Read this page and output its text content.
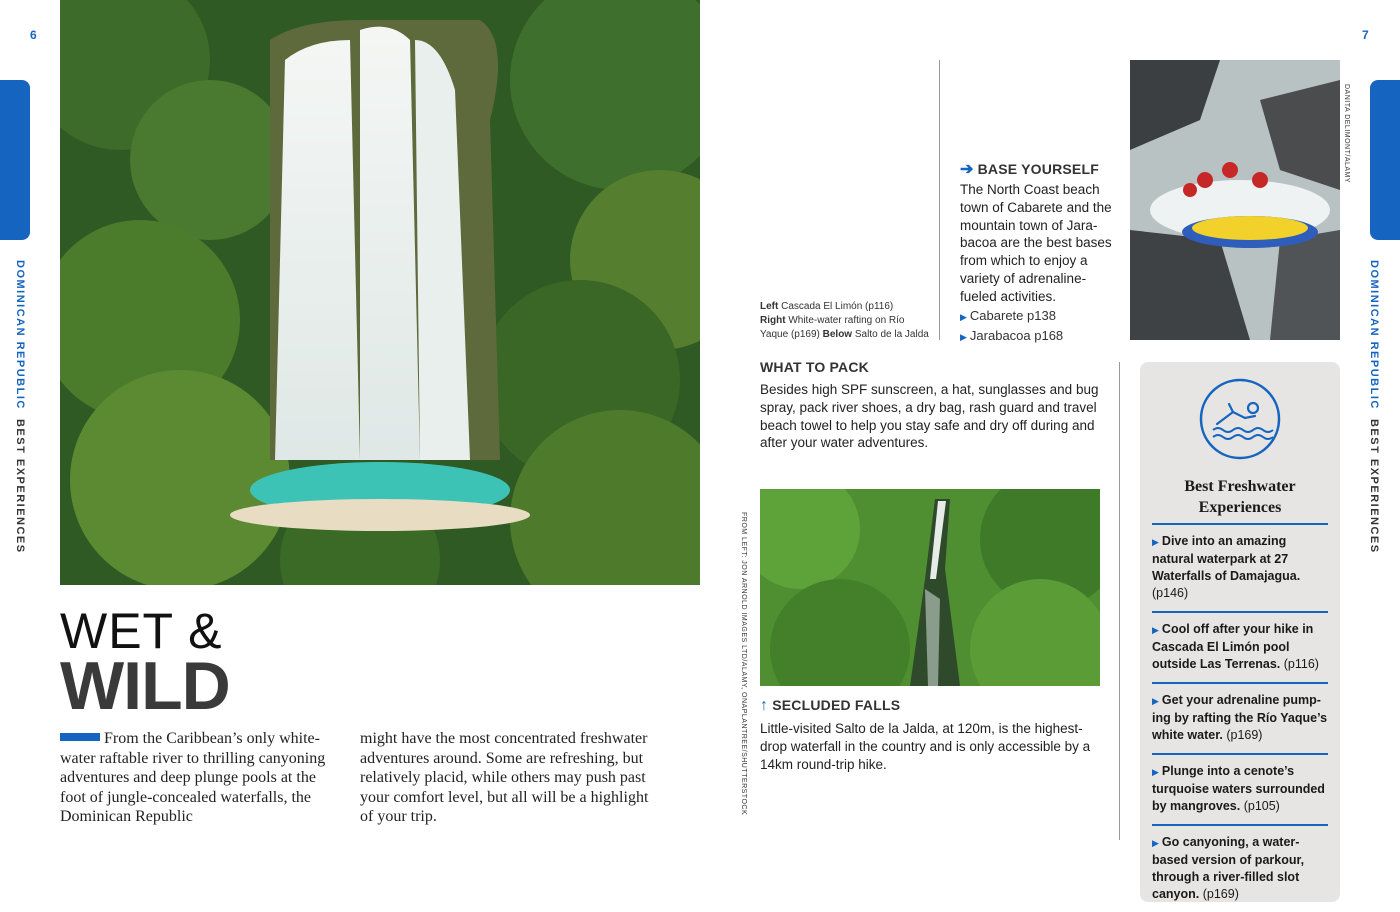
6	7
DOMINICAN REPUBLIC  BEST EXPERIENCES
DOMINICAN REPUBLIC  BEST EXPERIENCES
WET &
WILD
From the Caribbean’s only white-water raftable river to thrilling canyoning adventures and deep plunge pools at the foot of jungle-concealed waterfalls, the Dominican Republic
might have the most concentrated freshwater adventures around. Some are refreshing, but relatively placid, while others may push past your comfort level, but all will be a highlight of your trip.
Left Cascada El Limón (p116)
Right White-water rafting on Río Yaque (p169) Below Salto de la Jalda
➔ BASE YOURSELF
The North Coast beach town of Cabarete and the mountain town of Jara-bacoa are the best bases from which to enjoy a variety of adrenaline-fueled activities.
▶ Cabarete p138
▶ Jarabacoa p168
DANITA DELIMONT/ALAMY
WHAT TO PACK
Besides high SPF sunscreen, a hat, sunglasses and bug spray, pack river shoes, a dry bag, rash guard and travel beach towel to help you stay safe and dry off during and after your water adventures.
FROM LEFT: JON ARNOLD IMAGES LTD/ALAMY, ONAPLANTREE/SHUTTERSTOCK ↑ SECLUDED FALLS
Little-visited Salto de la Jalda, at 120m, is the highest-drop waterfall in the country and is only accessible by a 14km round-trip hike.
Best Freshwater Experiences
▶ Dive into an amazing natural waterpark at 27 Waterfalls of Damajagua. (p146)
▶ Cool off after your hike in Cascada El Limón pool outside Las Terrenas. (p116)
▶ Get your adrenaline pump-ing by rafting the Río Yaque’s white water. (p169)
▶ Plunge into a cenote’s turquoise waters surrounded by mangroves. (p105)
▶ Go canyoning, a water-based version of parkour, through a river-filled slot canyon. (p169)
